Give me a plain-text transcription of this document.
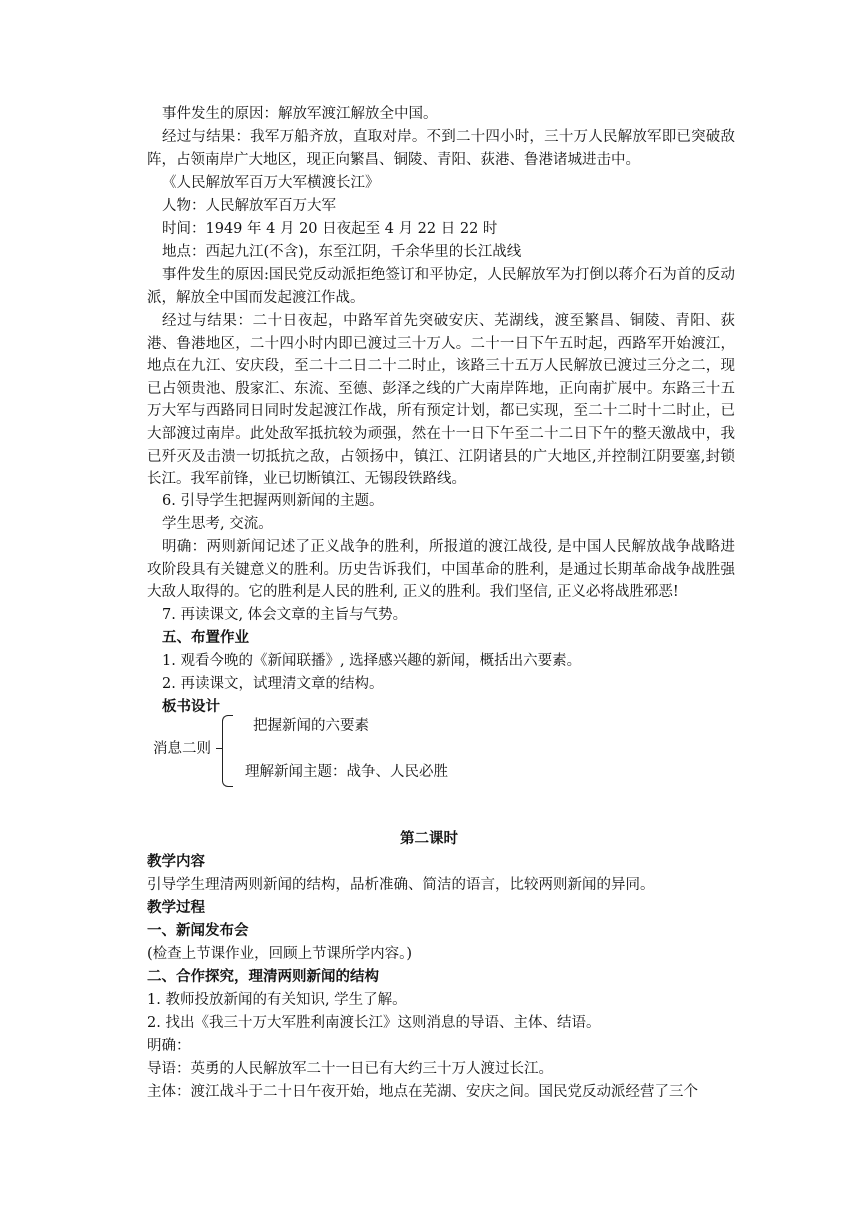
事件发生的原因：解放军渡江解放全中国。
经过与结果：我军万船齐放，直取对岸。不到二十四小时，三十万人民解放军即已突破敌阵，占领南岸广大地区，现正向繁昌、铜陵、青阳、荻港、鲁港诸城进击中。
《人民解放军百万大军横渡长江》
人物：人民解放军百万大军
时间：1949 年 4 月 20 日夜起至 4 月 22 日 22 时
地点：西起九江(不含)，东至江阴，千余华里的长江战线
事件发生的原因:国民党反动派拒绝签订和平协定，人民解放军为打倒以蒋介石为首的反动派，解放全中国而发起渡江作战。
经过与结果：二十日夜起，中路军首先突破安庆、芜湖线，渡至繁昌、铜陵、青阳、荻港、鲁港地区，二十四小时内即已渡过三十万人。二十一日下午五时起，西路军开始渡江，地点在九江、安庆段，至二十二日二十二时止，该路三十五万人民解放已渡过三分之二，现已占领贵池、殷家汇、东流、至德、彭泽之线的广大南岸阵地，正向南扩展中。东路三十五万大军与西路同日同时发起渡江作战，所有预定计划，都已实现，至二十二时十二时止，已大部渡过南岸。此处敌军抵抗较为顽强，然在十一日下午至二十二日下午的整天激战中，我已歼灭及击溃一切抵抗之敌，占领扬中，镇江、江阴诸县的广大地区,并控制江阴要塞,封锁长江。我军前锋，业已切断镇江、无锡段铁路线。
6. 引导学生把握两则新闻的主题。
学生思考, 交流。
明确：两则新闻记述了正义战争的胜利，所报道的渡江战役, 是中国人民解放战争战略进攻阶段具有关键意义的胜利。历史告诉我们，中国革命的胜利，是通过长期革命战争战胜强大敌人取得的。它的胜利是人民的胜利, 正义的胜利。我们坚信, 正义必将战胜邪恶!
7. 再读课文, 体会文章的主旨与气势。
五、布置作业
1. 观看今晚的《新闻联播》, 选择感兴趣的新闻，概括出六要素。
2. 再读课文，试理清文章的结构。
板书设计
把握新闻的六要素
消息二则
理解新闻主题：战争、人民必胜
第二课时
教学内容
引导学生理清两则新闻的结构，品析准确、简洁的语言，比较两则新闻的异同。
教学过程
一、新闻发布会
(检查上节课作业，回顾上节课所学内容。)
二、合作探究，理清两则新闻的结构
1. 教师投放新闻的有关知识, 学生了解。
2. 找出《我三十万大军胜利南渡长江》这则消息的导语、主体、结语。
明确：
导语：英勇的人民解放军二十一日已有大约三十万人渡过长江。
主体：渡江战斗于二十日午夜开始，地点在芜湖、安庆之间。国民党反动派经营了三个
